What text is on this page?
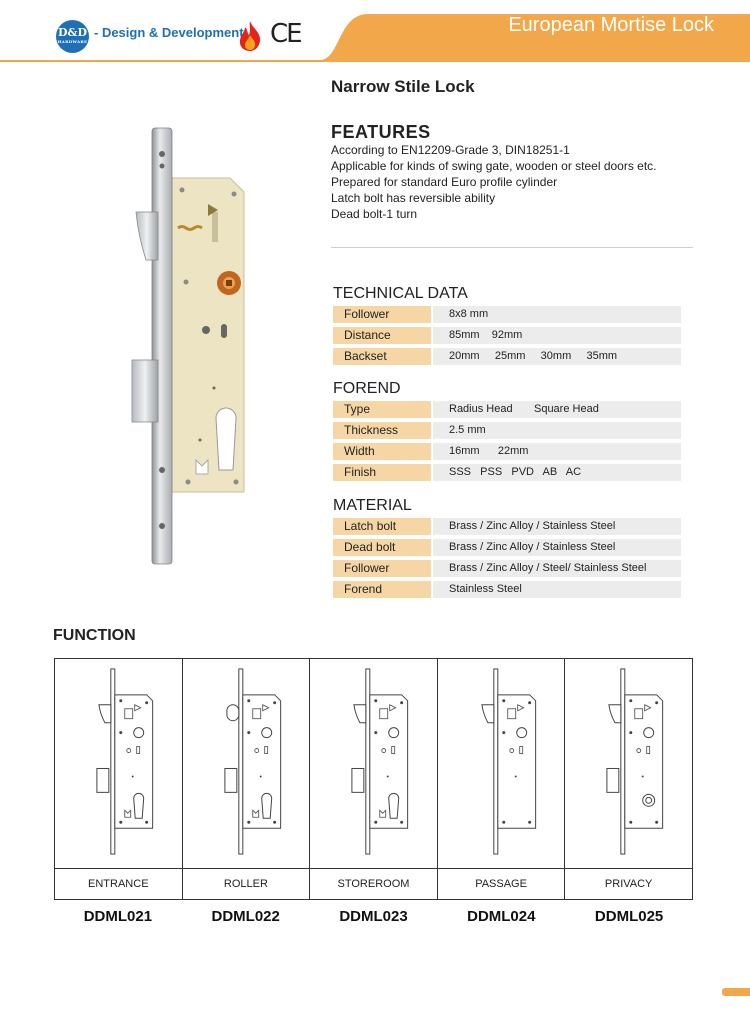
D&D
HARDWARE
- Design & Development CE	European Mortise Lock
Narrow Stile Lock
FEATURES
According to EN12209-Grade 3, DIN18251-1
Applicable for kinds of swing gate, wooden or steel doors etc.
Prepared for standard Euro profile cylinder
Latch bolt has reversible ability
Dead bolt-1 turn
TECHNICAL DATA
Follower	8x8 mm
Distance	85mm    92mm
Backset	20mm     25mm     30mm     35mm
FOREND
Type	Radius Head       Square Head
Thickness	2.5 mm
Width	16mm      22mm
Finish	SSS   PSS   PVD   AB   AC
MATERIAL
Latch bolt	Brass / Zinc Alloy / Stainless Steel
Dead bolt	Brass / Zinc Alloy / Stainless Steel
Follower	Brass / Zinc Alloy / Steel/ Stainless Steel
Forend	Stainless Steel
FUNCTION
ENTRANCE	ROLLER	STOREROOM	PASSAGE	PRIVACY
DDML021	DDML022	DDML023	DDML024	DDML025
